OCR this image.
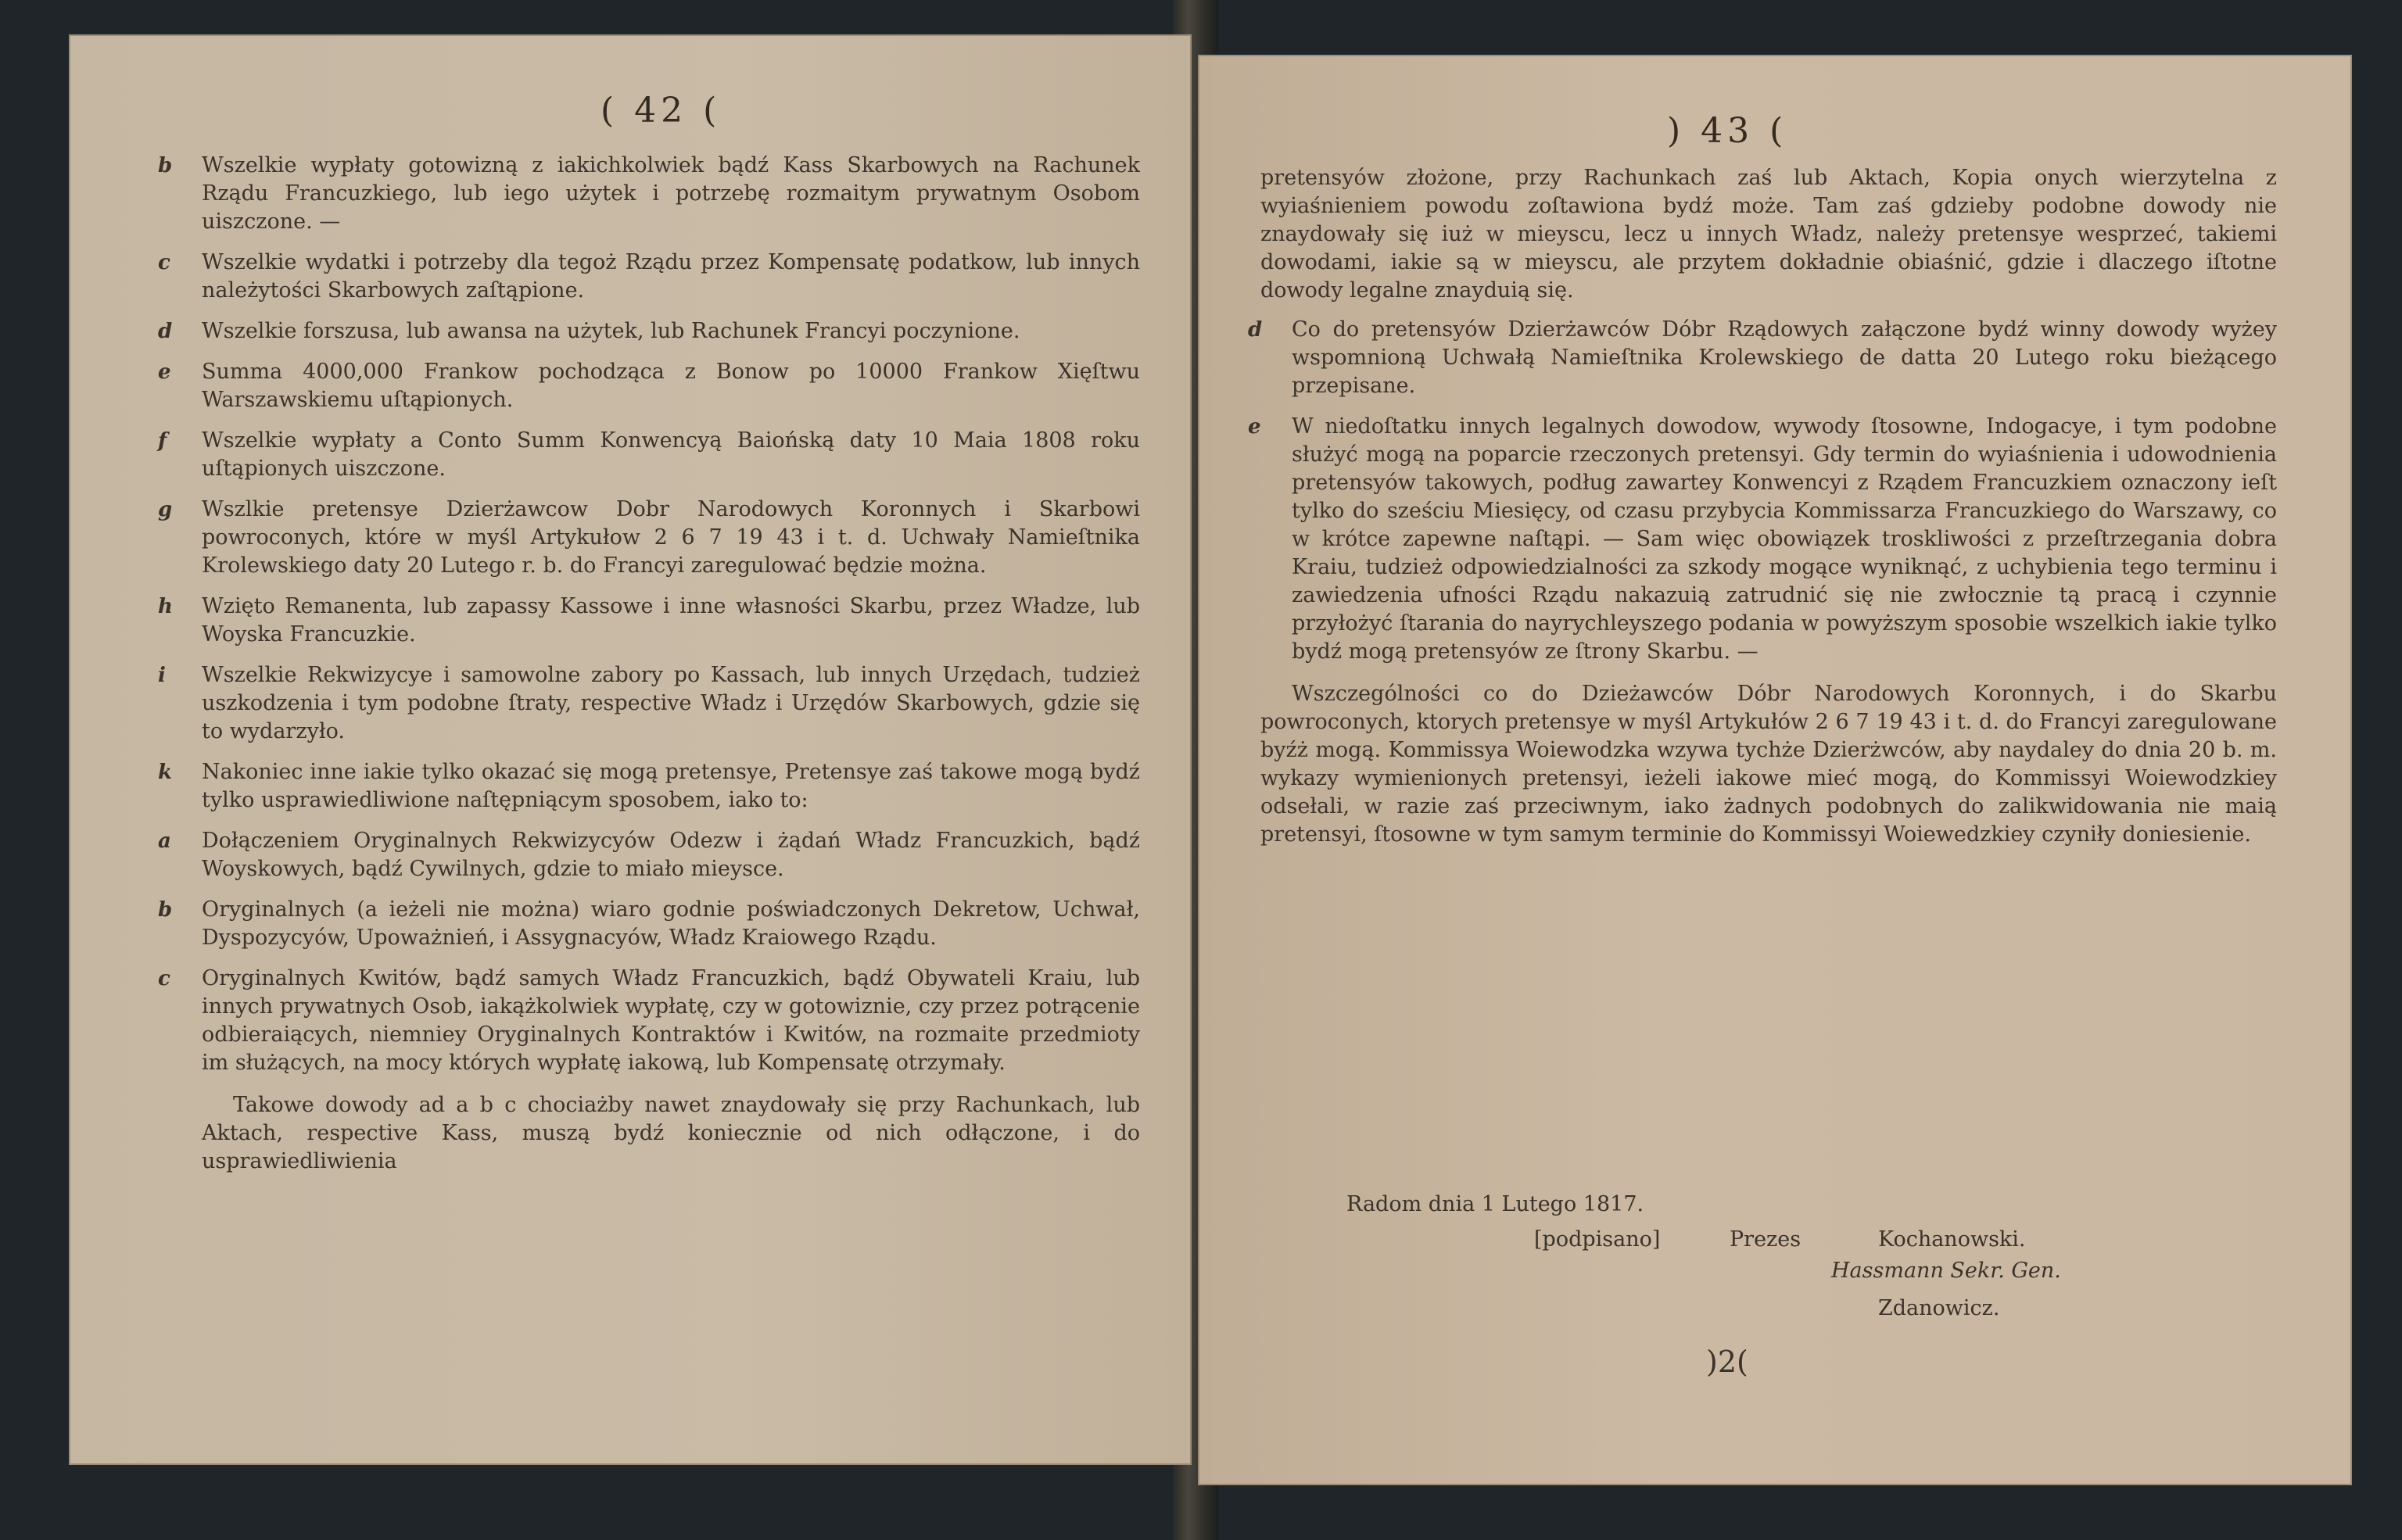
( 42 (
b Wszelkie wypłaty gotowizną z iakichkolwiek bądź Kass Skarbowych na Rachunek Rządu Francuzkiego, lub iego użytek i potrzebę rozmaitym prywatnym Osobom uiszczone. —
c Wszelkie wydatki i potrzeby dla tegoż Rządu przez Kompensatę podatkow, lub innych należytości Skarbowych zaſtąpione.
d Wszelkie forszusa, lub awansa na użytek, lub Rachunek Francyi poczynione.
e Summa 4000,000 Frankow pochodząca z Bonow po 10000 Frankow Xięſtwu Warszawskiemu uſtąpionych.
f Wszelkie wypłaty a Conto Summ Konwencyą Baiońską daty 10 Maia 1808 roku uſtąpionych uiszczone.
g Wszlkie pretensye Dzierżawcow Dobr Narodowych Koronnych i Skarbowi powroconych, które w myśl Artykułow 2 6 7 19 43 i t. d. Uchwały Namieſtnika Krolewskiego daty 20 Lutego r. b. do Francyi zaregulować będzie można.
h Wzięto Remanenta, lub zapassy Kassowe i inne własności Skarbu, przez Władze, lub Woyska Francuzkie.
i Wszelkie Rekwizycye i samowolne zabory po Kassach, lub innych Urzędach, tudzież uszkodzenia i tym podobne ſtraty, respective Władz i Urzędów Skarbowych, gdzie się to wydarzyło.
k Nakoniec inne iakie tylko okazać się mogą pretensye, Pretensye zaś takowe mogą bydź tylko usprawiedliwione naſtępniącym sposobem, iako to:
a Dołączeniem Oryginalnych Rekwizycyów Odezw i żądań Władz Francuzkich, bądź Woyskowych, bądź Cywilnych, gdzie to miało mieysce.
b Oryginalnych (a ieżeli nie można) wiaro godnie poświadczonych Dekretow, Uchwał, Dyspozycyów, Upoważnień, i Assygnacyów, Władz Kraiowego Rządu.
c Oryginalnych Kwitów, bądź samych Władz Francuzkich, bądź Obywateli Kraiu, lub innych prywatnych Osob, iakążkolwiek wypłatę, czy w gotowiznie, czy przez potrącenie odbieraiących, niemniey Oryginalnych Kontraktów i Kwitów, na rozmaite przedmioty im służących, na mocy których wypłatę iakową, lub Kompensatę otrzymały.
Takowe dowody ad a b c chociażby nawet znaydowały się przy Rachunkach, lub Aktach, respective Kass, muszą bydź koniecznie od nich odłączone, i do usprawiedliwienia
) 43 (
pretensyów złożone, przy Rachunkach zaś lub Aktach, Kopia onych wierzytelna z wyiaśnieniem powodu zoſtawiona bydź może. Tam zaś gdzieby podobne dowody nie znaydowały się iuż w mieyscu, lecz u innych Władz, należy pretensye wesprzeć, takiemi dowodami, iakie są w mieyscu, ale przytem dokładnie obiaśnić, gdzie i dlaczego iſtotne dowody legalne znayduią się.
d Co do pretensyów Dzierżawców Dóbr Rządowych załączone bydź winny dowody wyżey wspomnioną Uchwałą Namieſtnika Krolewskiego de datta 20 Lutego roku bieżącego przepisane.
e W niedoſtatku innych legalnych dowodow, wywody ſtosowne, Indogacye, i tym podobne służyć mogą na poparcie rzeczonych pretensyi. Gdy termin do wyiaśnienia i udowodnienia pretensyów takowych, podług zawartey Konwencyi z Rządem Francuzkiem oznaczony ieſt tylko do sześciu Miesięcy, od czasu przybycia Kommissarza Francuzkiego do Warszawy, co w krótce zapewne naſtąpi. — Sam więc obowiązek troskliwości z przeſtrzegania dobra Kraiu, tudzież odpowiedzialności za szkody mogące wyniknąć, z uchybienia tego terminu i zawiedzenia ufności Rządu nakazuią zatrudnić się nie zwłocznie tą pracą i czynnie przyłożyć ſtarania do nayrychleyszego podania w powyższym sposobie wszelkich iakie tylko bydź mogą pretensyów ze ſtrony Skarbu. —
Wszczególności co do Dzieżawców Dóbr Narodowych Koronnych, i do Skarbu powroconych, ktorych pretensye w myśl Artykułów 2 6 7 19 43 i t. d. do Francyi zaregulowane byźż mogą. Kommissya Woiewodzka wzywa tychże Dzierżwców, aby naydaley do dnia 20 b. m. wykazy wymienionych pretensyi, ieżeli iakowe mieć mogą, do Kommissyi Woiewodzkiey odsełali, w razie zaś przeciwnym, iako żadnych podobnych do zalikwidowania nie maią pretensyi, ſtosowne w tym samym terminie do Kommissyi Woiewedzkiey czyniły doniesienie.
Radom dnia 1 Lutego 1817.
[podpisano]	Prezes	Kochanowski.
Hassmann Sekr. Gen.
Zdanowicz.
)2(
